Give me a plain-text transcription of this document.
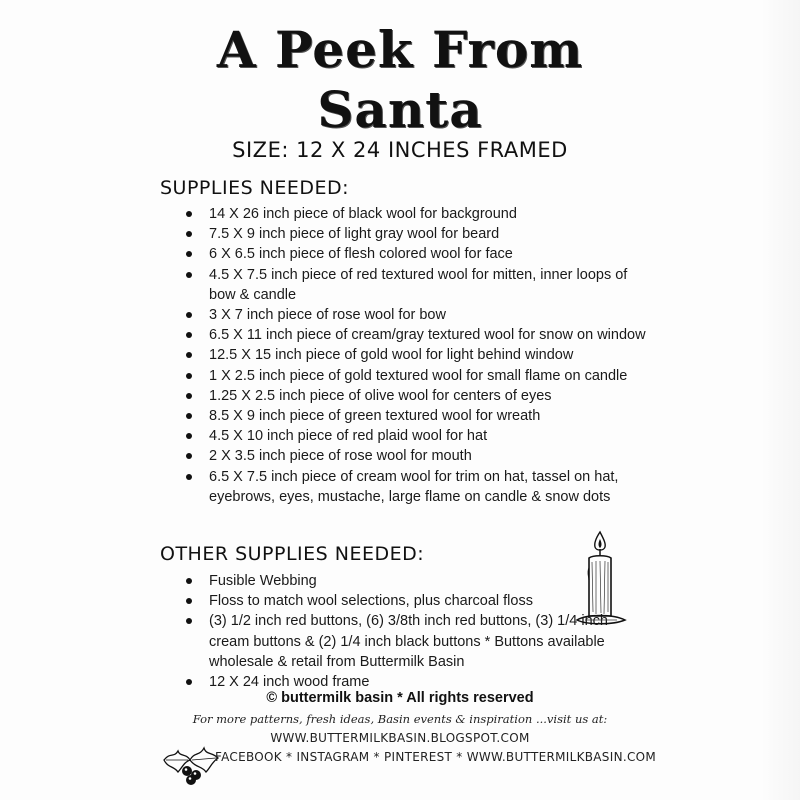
A Peek From
Santa
SIZE: 12 X 24 INCHES FRAMED
SUPPLIES NEEDED:
14 X 26 inch piece of black wool for background
7.5 X 9 inch piece of light gray wool for beard
6 X 6.5 inch piece of flesh colored wool for face
4.5 X 7.5 inch piece of red textured wool for mitten, inner loops of bow & candle
3 X 7 inch piece of rose wool for bow
6.5 X 11 inch piece of cream/gray textured wool for snow on window
12.5 X 15 inch piece of gold wool for light behind window
1 X 2.5 inch piece of gold textured wool for small flame on candle
1.25 X 2.5 inch piece of olive wool for centers of eyes
8.5 X 9 inch piece of green textured wool for wreath
4.5 X 10 inch piece of red plaid wool for hat
2 X 3.5 inch piece of rose wool for mouth
6.5 X 7.5 inch piece of cream wool for trim on hat, tassel on hat, eyebrows, eyes, mustache, large flame on candle & snow dots
OTHER SUPPLIES NEEDED:
Fusible Webbing
Floss to match wool selections, plus charcoal floss
(3) 1/2 inch red buttons, (6) 3/8th inch red buttons, (3) 1/4 inch cream buttons & (2) 1/4 inch black buttons * Buttons available wholesale & retail from Buttermilk Basin
12 X 24 inch wood frame
© buttermilk basin * All rights reserved
For more patterns, fresh ideas, Basin events & inspiration ...visit us at:
WWW.BUTTERMILKBASIN.BLOGSPOT.COM
FACEBOOK * INSTAGRAM * PINTEREST * WWW.BUTTERMILKBASIN.COM
